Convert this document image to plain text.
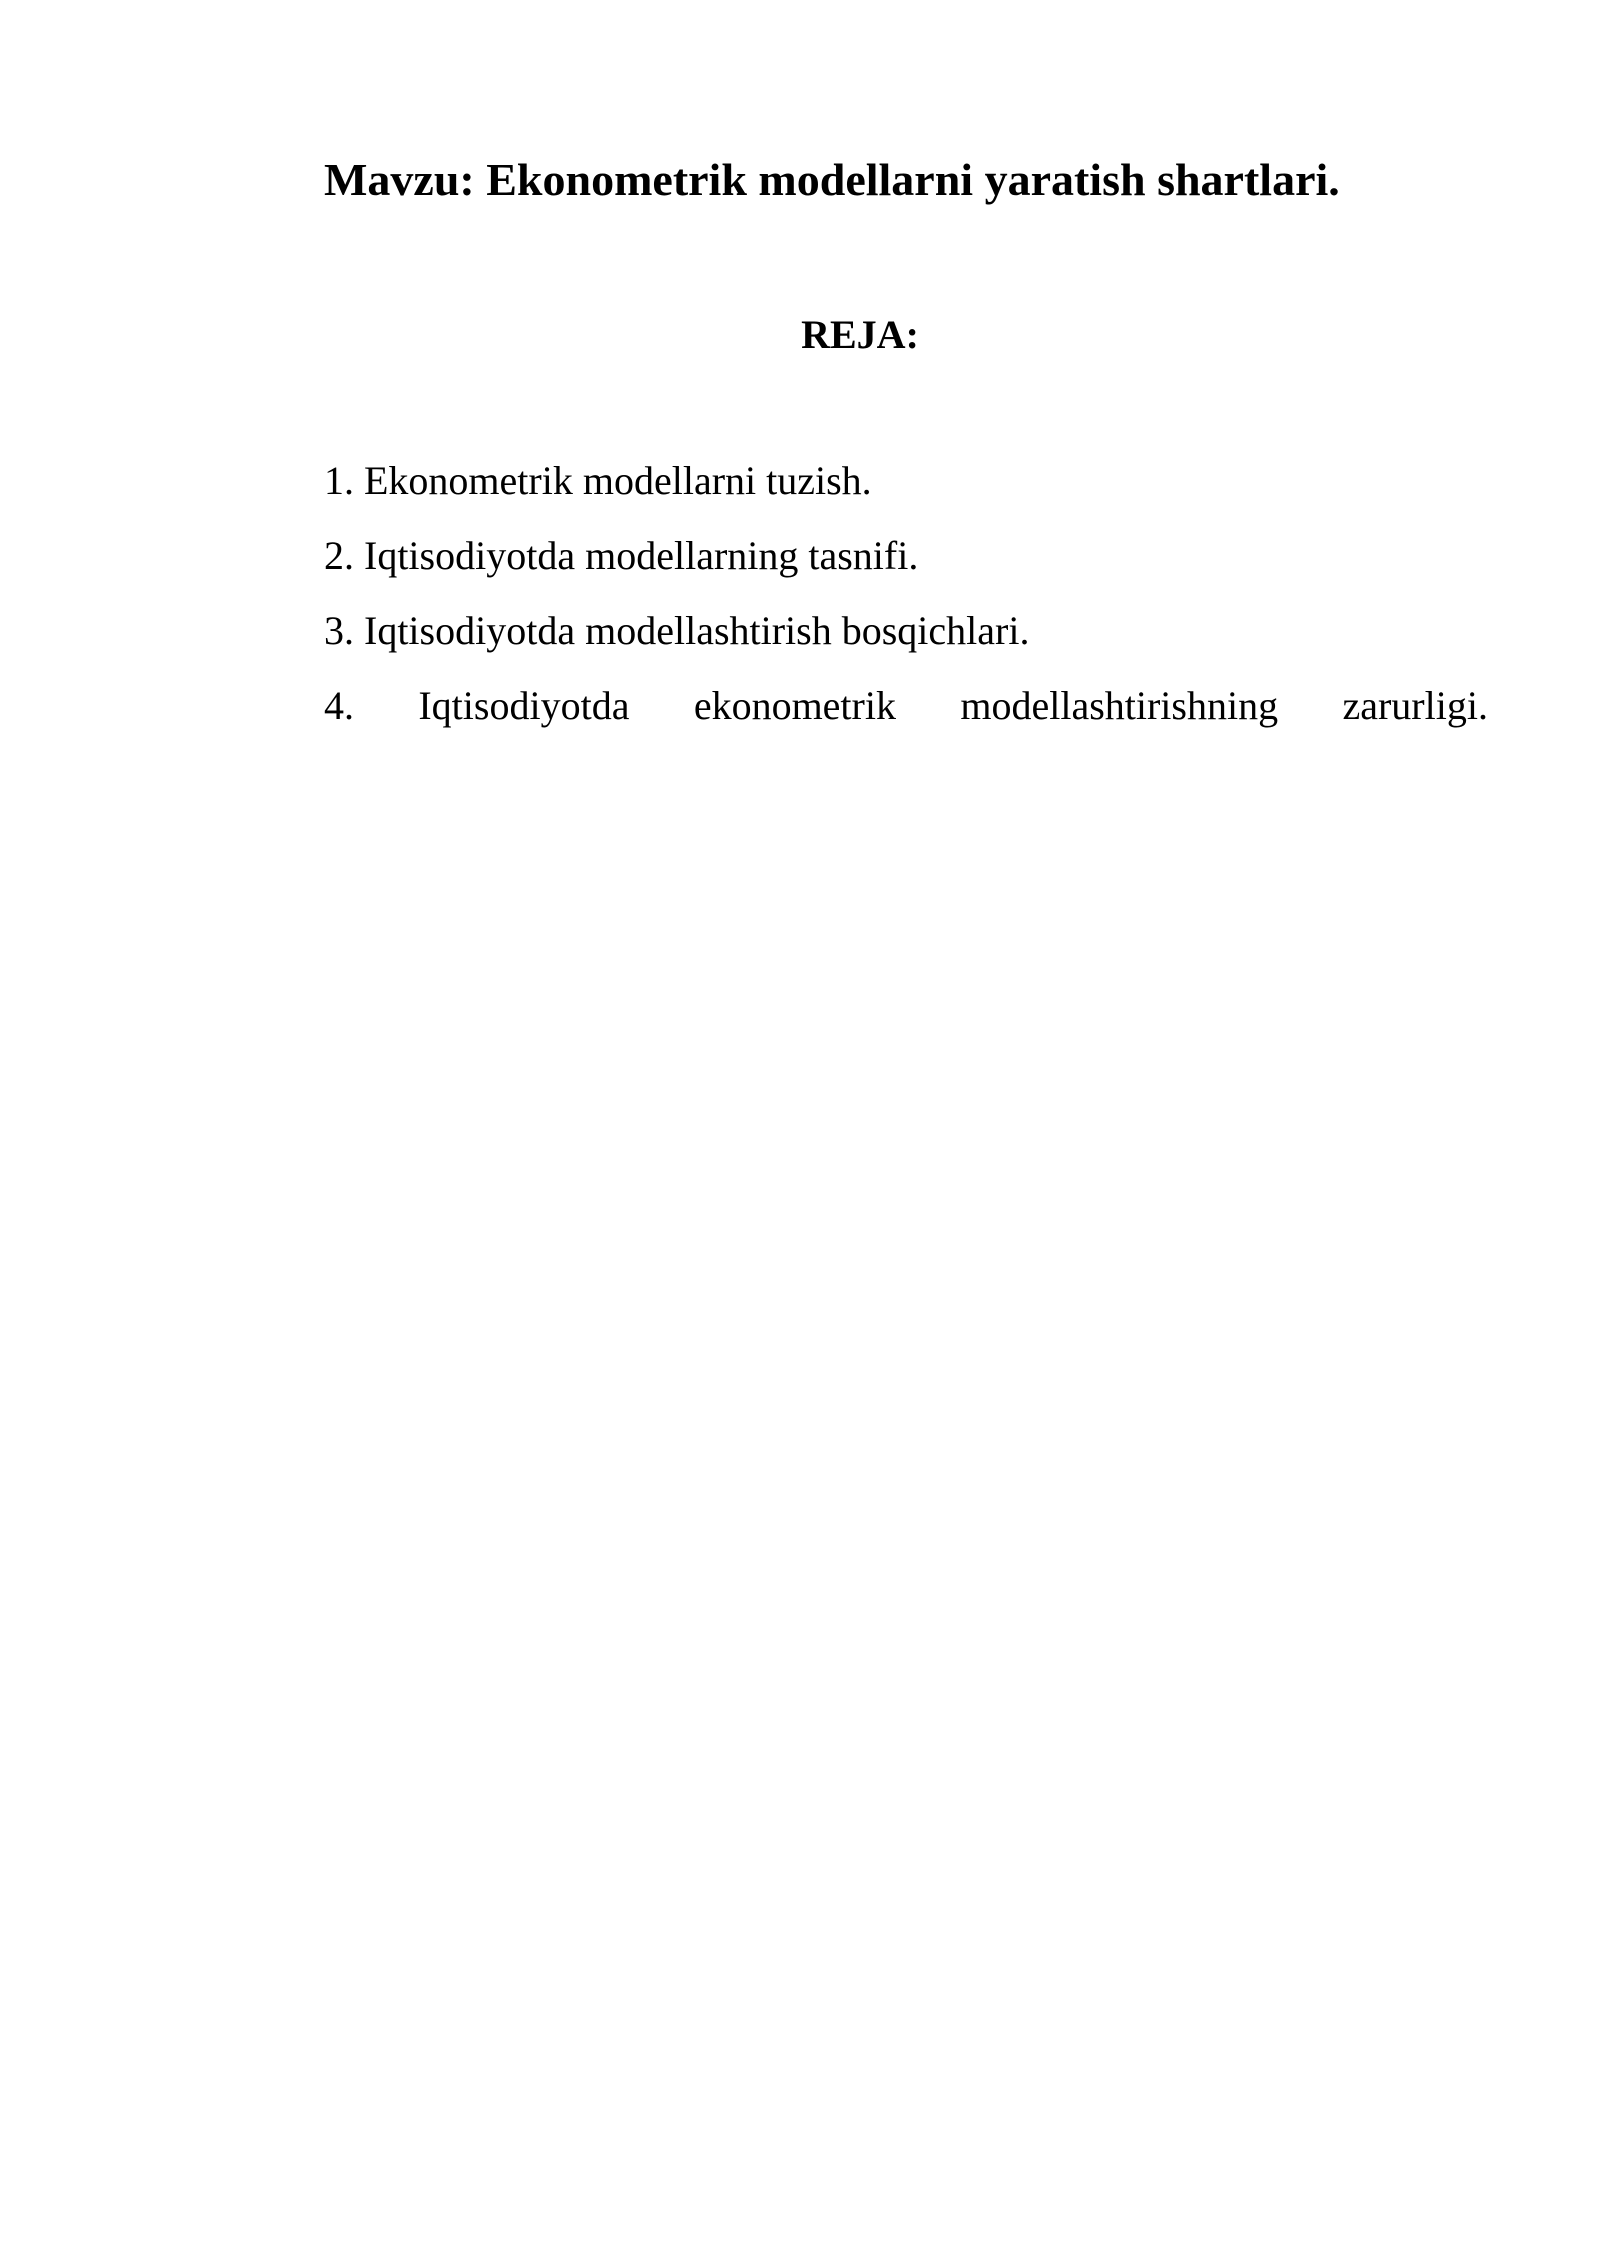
Mavzu: Ekonometrik modellarni yaratish shartlari.
REJA:
1. Ekonometrik modellarni tuzish.
2. Iqtisodiyotda modellarning tasnifi.
3. Iqtisodiyotda modellashtirish bosqichlari.
4. Iqtisodiyotda ekonometrik modellashtirishning zarurligi.
